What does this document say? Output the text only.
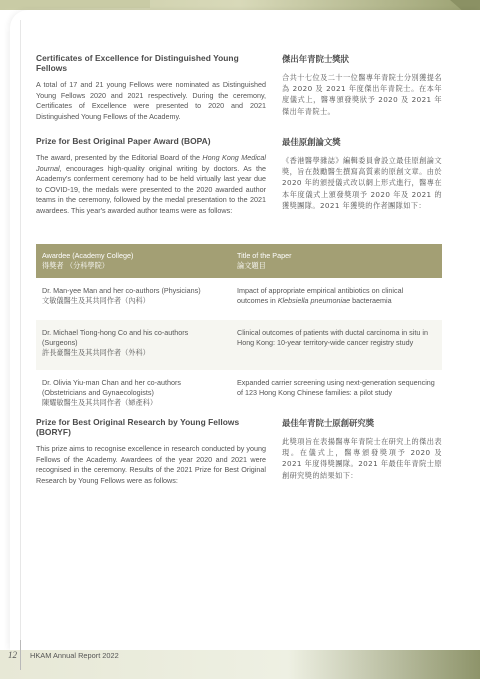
Certificates of Excellence for Distinguished Young Fellows

A total of 17 and 21 young Fellows were nominated as Distinguished Young Fellows 2020 and 2021 respectively. During the ceremony, Certificates of Excellence were presented to 2020 and 2021 Distinguished Young Fellows of the Academy.

傑出年青院士獎狀

合共十七位及二十一位醫專年青院士分別獲提名為 2020 及 2021 年度傑出年青院士。在本年度儀式上，醫專頒發獎狀予 2020 及 2021 年傑出年青院士。

Prize for Best Original Paper Award (BOPA)

The award, presented by the Editorial Board of the Hong Kong Medical Journal, encourages high-quality original writing by doctors. As the Academy's conferment ceremony had to be held virtually last year due to COVID-19, the medals were presented to the 2020 awarded author teams in the ceremony, followed by the medal presentation to the 2021 awardees. This year's awarded author teams were as follows:

最佳原創論文獎

《香港醫學雜誌》編輯委員會設立最佳原創論文獎，旨在鼓勵醫生撰寫高質素的原創文章。由於 2020 年的頒授儀式改以網上形式進行，醫專在本年度儀式上頒發獎項予 2020 年及 2021 的獲獎團隊。2021 年獲獎的作者團隊如下：

Awardee (Academy College)
得獎者 （分科學院）
Title of the Paper
論文題目
Dr. Man-yee Man and her co-authors (Physicians)
文敏儀醫生及其共同作者（內科）
Impact of appropriate empirical antibiotics on clinical outcomes in Klebsiella pneumoniae bacteraemia
Dr. Michael Tiong-hong Co and his co-authors (Surgeons)
許長豪醫生及其共同作者（外科）
Clinical outcomes of patients with ductal carcinoma in situ in Hong Kong: 10-year territory-wide cancer registry study
Dr. Olivia Yiu-man Chan and her co-authors (Obstetricians and Gynaecologists)
陳耀敏醫生及其共同作者（婦產科）
Expanded carrier screening using next-generation sequencing of 123 Hong Kong Chinese families: a pilot study
Prize for Best Original Research by Young Fellows (BORYF)

This prize aims to recognise excellence in research conducted by young Fellows of the Academy. Awardees of the year 2020 and 2021 were recognised in the ceremony. Results of the 2021 Prize for Best Original Research by Young Fellows were as follows:

最佳年青院士原創研究獎

此獎項旨在表揚醫專年青院士在研究上的傑出表現。在儀式上，醫專頒發獎項予 2020 及 2021 年度得獎團隊。2021 年最佳年青院士原創研究獎的結果如下：

12	HKAM Annual Report 2022
